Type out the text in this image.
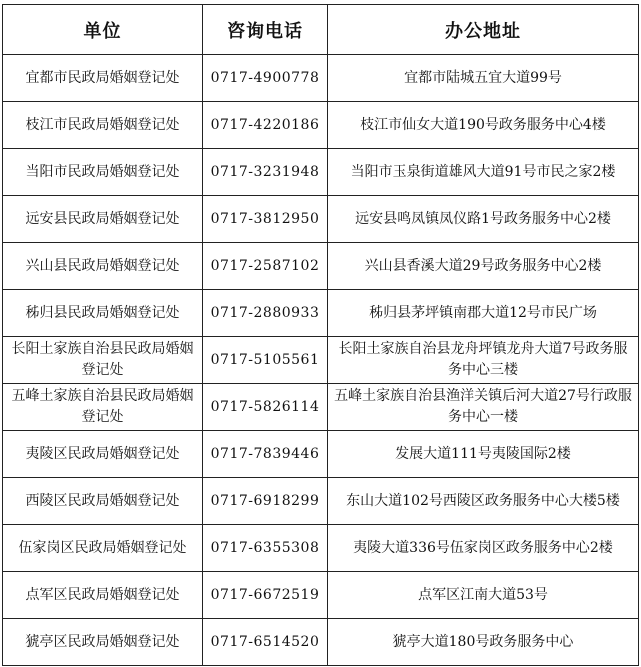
单位	咨询电话	办公地址
宜都市民政局婚姻登记处	0717-4900778	宜都市陆城五宜大道99号
枝江市民政局婚姻登记处	0717-4220186	枝江市仙女大道190号政务服务中心4楼
当阳市民政局婚姻登记处	0717-3231948	当阳市玉泉街道雄风大道91号市民之家2楼
远安县民政局婚姻登记处	0717-3812950	远安县鸣凤镇凤仪路1号政务服务中心2楼
兴山县民政局婚姻登记处	0717-2587102	兴山县香溪大道29号政务服务中心2楼
秭归县民政局婚姻登记处	0717-2880933	秭归县茅坪镇南郡大道12号市民广场
长阳土家族自治县民政局婚姻登记处	0717-5105561	长阳土家族自治县龙舟坪镇龙舟大道7号政务服务中心三楼
五峰土家族自治县民政局婚姻登记处	0717-5826114	五峰土家族自治县渔洋关镇后河大道27号行政服务中心一楼
夷陵区民政局婚姻登记处	0717-7839446	发展大道111号夷陵国际2楼
西陵区民政局婚姻登记处	0717-6918299	东山大道102号西陵区政务服务中心大楼5楼
伍家岗区民政局婚姻登记处	0717-6355308	夷陵大道336号伍家岗区政务服务中心2楼
点军区民政局婚姻登记处	0717-6672519	点军区江南大道53号
猇亭区民政局婚姻登记处	0717-6514520	猇亭大道180号政务服务中心
